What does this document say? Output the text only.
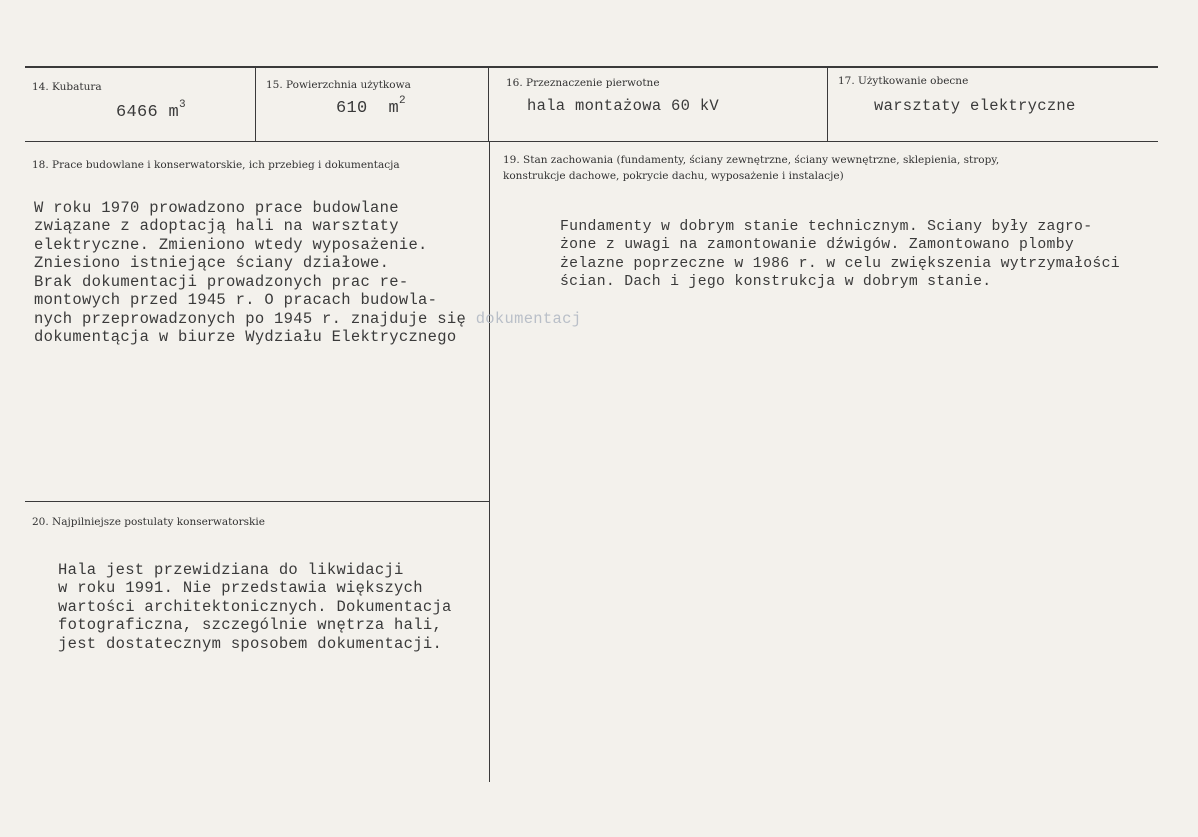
14. Kubatura
6466 $m^3$
15. Powierzchnia użytkowa
610  $m^2$
16. Przeznaczenie pierwotne
hala montażowa 60 kV
17. Użytkowanie obecne
warsztaty elektryczne
18. Prace budowlane i konserwatorskie, ich przebieg i dokumentacja

W roku 1970 prowadzono prace budowlane
związane z adoptacją hali na warsztaty
elektryczne. Zmieniono wtedy wyposażenie.
Zniesiono istniejące ściany działowe.
Brak dokumentacji prowadzonych prac re-
montowych przed 1945 r. O pracach budowla-
nych przeprowadzonych po 1945 r. znajduje się dokumentacj
dokumentącja w biurze Wydziału Elektrycznego
19. Stan zachowania (fundamenty, ściany zewnętrzne, ściany wewnętrzne, sklepienia, stropy,
konstrukcje dachowe, pokrycie dachu, wyposażenie i instalacje)

Fundamenty w dobrym stanie technicznym. Sciany były zagro-
żone z uwagi na zamontowanie dźwigów. Zamontowano plomby
żelazne poprzeczne w 1986 r. w celu zwiększenia wytrzymałości
ścian. Dach i jego konstrukcja w dobrym stanie.
20. Najpilniejsze postulaty konserwatorskie

Hala jest przewidziana do likwidacji
w roku 1991. Nie przedstawia większych
wartości architektonicznych. Dokumentacja
fotograficzna, szczególnie wnętrza hali,
jest dostatecznym sposobem dokumentacji.
